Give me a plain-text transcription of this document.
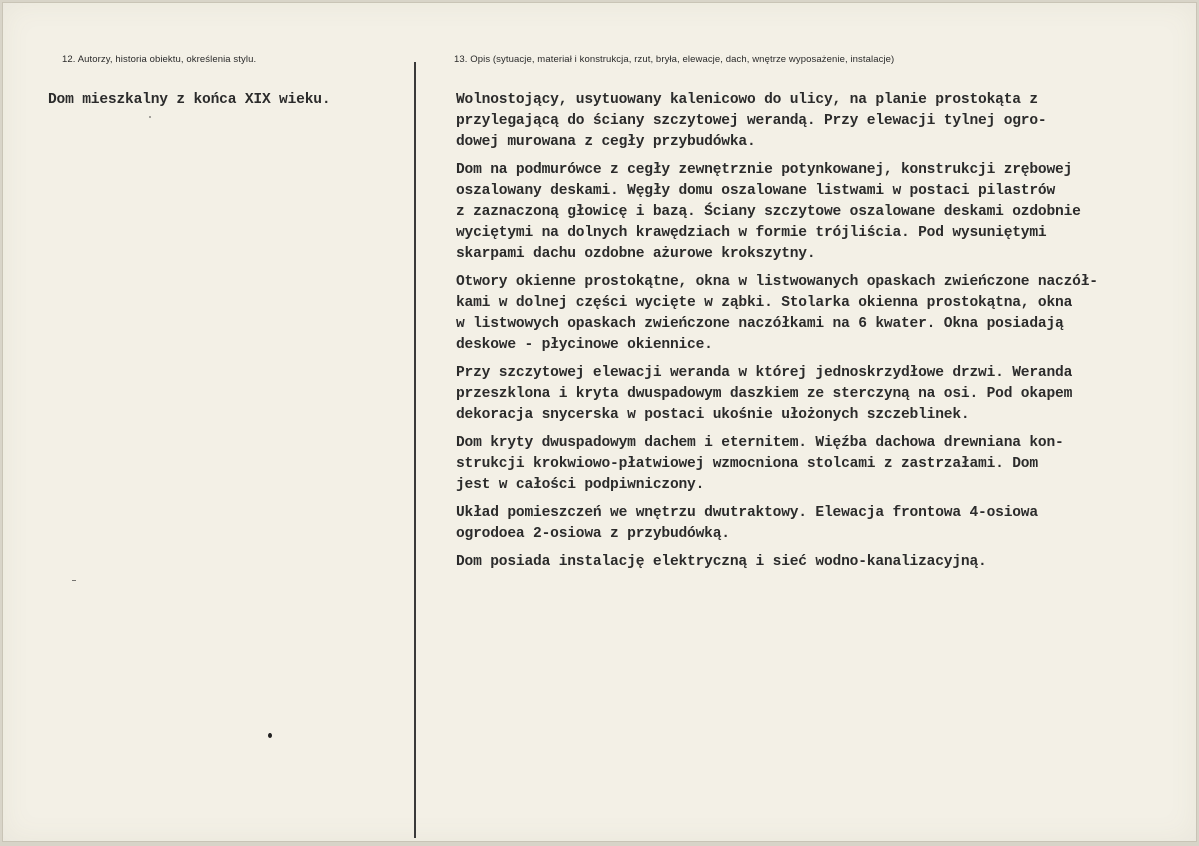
12. Autorzy, historia obiektu, określenia stylu.
Dom mieszkalny z końca XIX wieku.
13. Opis (sytuacje, materiał i konstrukcja, rzut, bryła, elewacje, dach, wnętrze wyposażenie, instalacje)
Wolnostojący, usytuowany kalenicowo do ulicy, na planie prostokąta z
przylegającą do ściany szczytowej werandą. Przy elewacji tylnej ogro-
dowej murowana z cegły przybudówka.
Dom na podmurówce z cegły zewnętrznie potynkowanej, konstrukcji zrębowej
oszalowany deskami. Węgły domu oszalowane listwami w postaci pilastrów
z zaznaczoną głowicę i bazą. Ściany szczytowe oszalowane deskami ozdobnie
wyciętymi na dolnych krawędziach w formie trójliścia. Pod wysuniętymi
skarpami dachu ozdobne ażurowe krokszytny.
Otwory okienne prostokątne, okna w listwowanych opaskach zwieńczone naczół-
kami w dolnej części wycięte w ząbki. Stolarka okienna prostokątna, okna
w listwowych opaskach zwieńczone naczółkami na 6 kwater. Okna posiadają
deskowe - płycinowe okiennice.
Przy szczytowej elewacji weranda w której jednoskrzydłowe drzwi. Weranda
przeszklona i kryta dwuspadowym daszkiem ze sterczyną na osi. Pod okapem
dekoracja snycerska w postaci ukośnie ułożonych szczeblinek.
Dom kryty dwuspadowym dachem i eternitem. Więźba dachowa drewniana kon-
strukcji krokwiowo-płatwiowej wzmocniona stolcami z zastrzałami. Dom
jest w całości podpiwniczony.
Układ pomieszczeń we wnętrzu dwutraktowy. Elewacja frontowa 4-osiowa
ogrodoea 2-osiowa z przybudówką.
Dom posiada instalację elektryczną i sieć wodno-kanalizacyjną.
